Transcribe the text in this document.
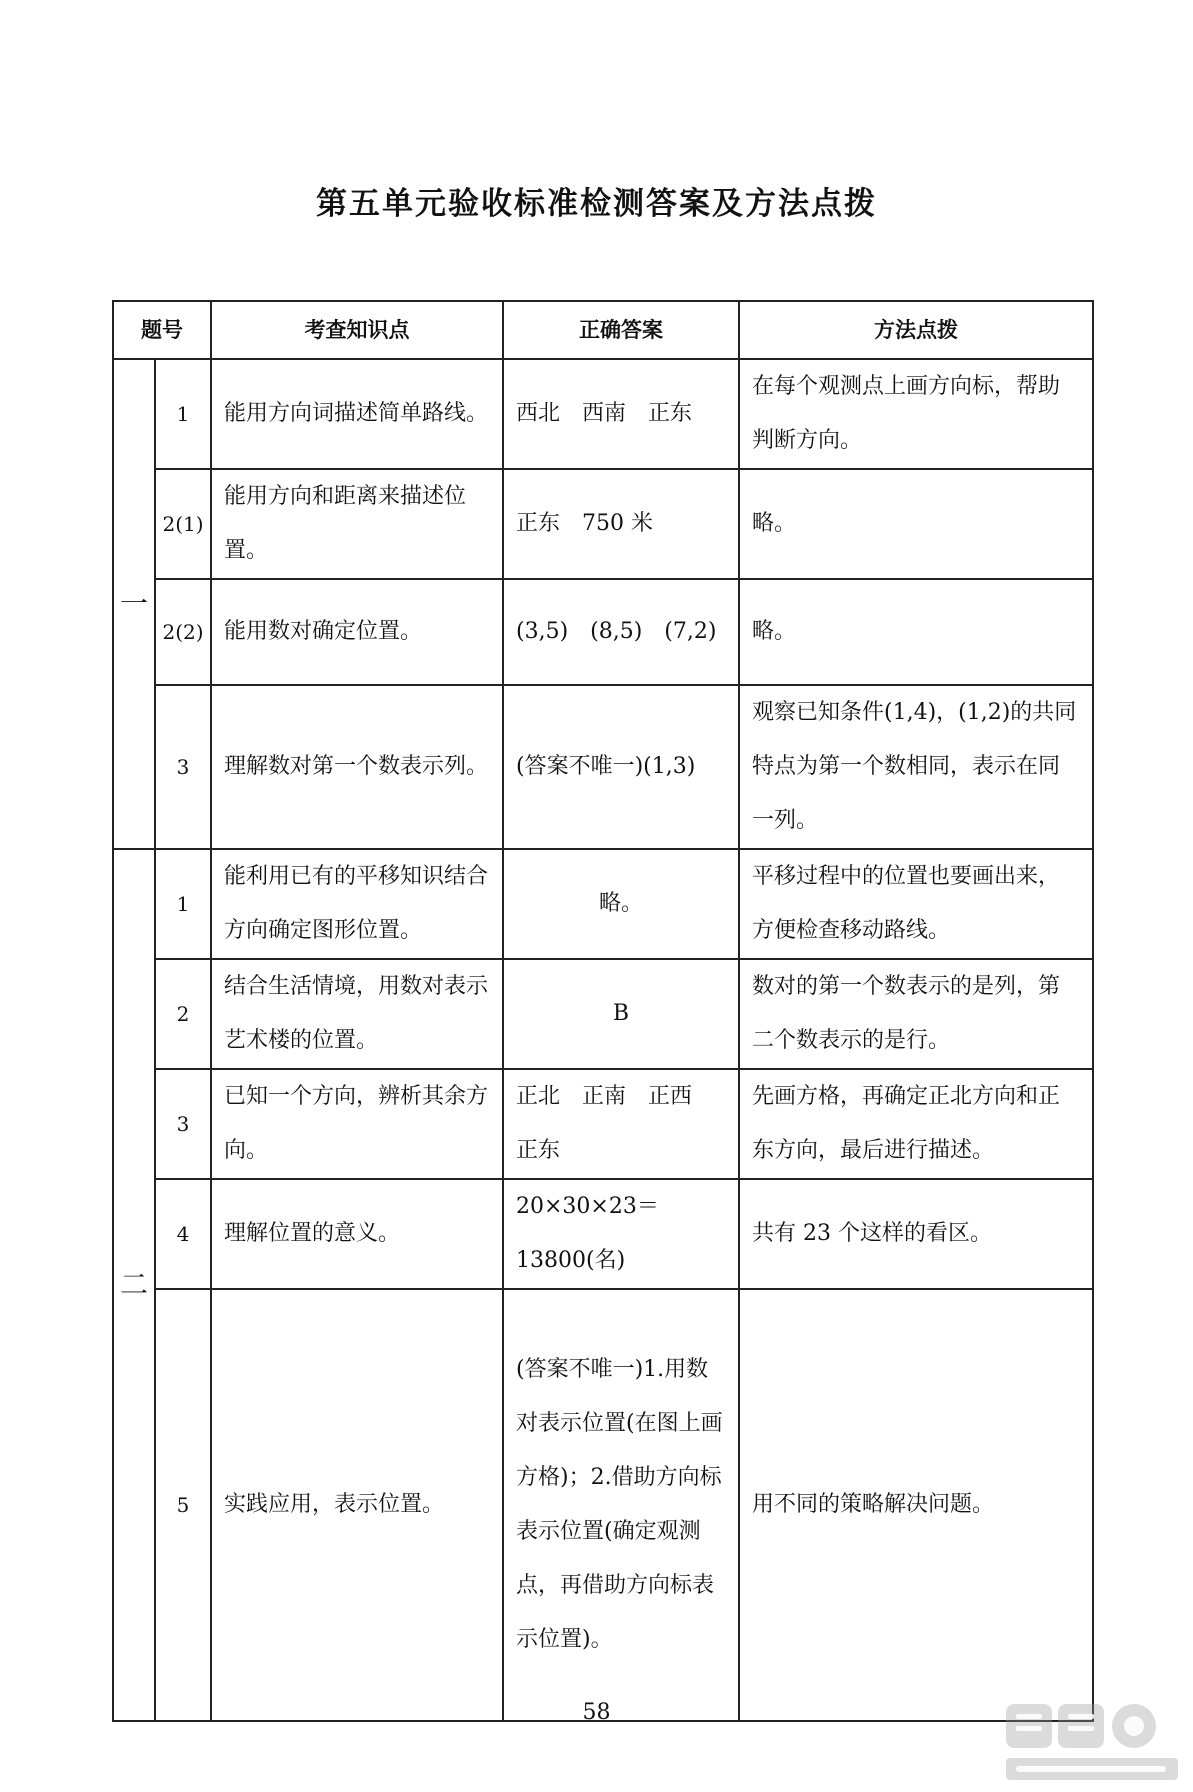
第五单元验收标准检测答案及方法点拨
题号		考查知识点	正确答案	方法点拨
一	1	能用方向词描述简单路线。	西北　西南　正东	在每个观测点上画方向标，帮助判断方向。
	2(1)	能用方向和距离来描述位置。	正东　750 米	略。
	2(2)	能用数对确定位置。	(3,5)　(8,5)　(7,2)	略。
	3	理解数对第一个数表示列。	(答案不唯一)(1,3)	观察已知条件(1,4)，(1,2)的共同特点为第一个数相同，表示在同一列。
二	1	能利用已有的平移知识结合方向确定图形位置。	略。	平移过程中的位置也要画出来，方便检查移动路线。
	2	结合生活情境，用数对表示艺术楼的位置。	B	数对的第一个数表示的是列，第二个数表示的是行。
	3	已知一个方向，辨析其余方向。	正北　正南　正西　正东	先画方格，再确定正北方向和正东方向，最后进行描述。
	4	理解位置的意义。	20×30×23＝13800(名)	共有 23 个这样的看区。
	5	实践应用，表示位置。	(答案不唯一)1.用数对表示位置(在图上画方格)；2.借助方向标表示位置(确定观测点，再借助方向标表示位置)。	用不同的策略解决问题。
58
